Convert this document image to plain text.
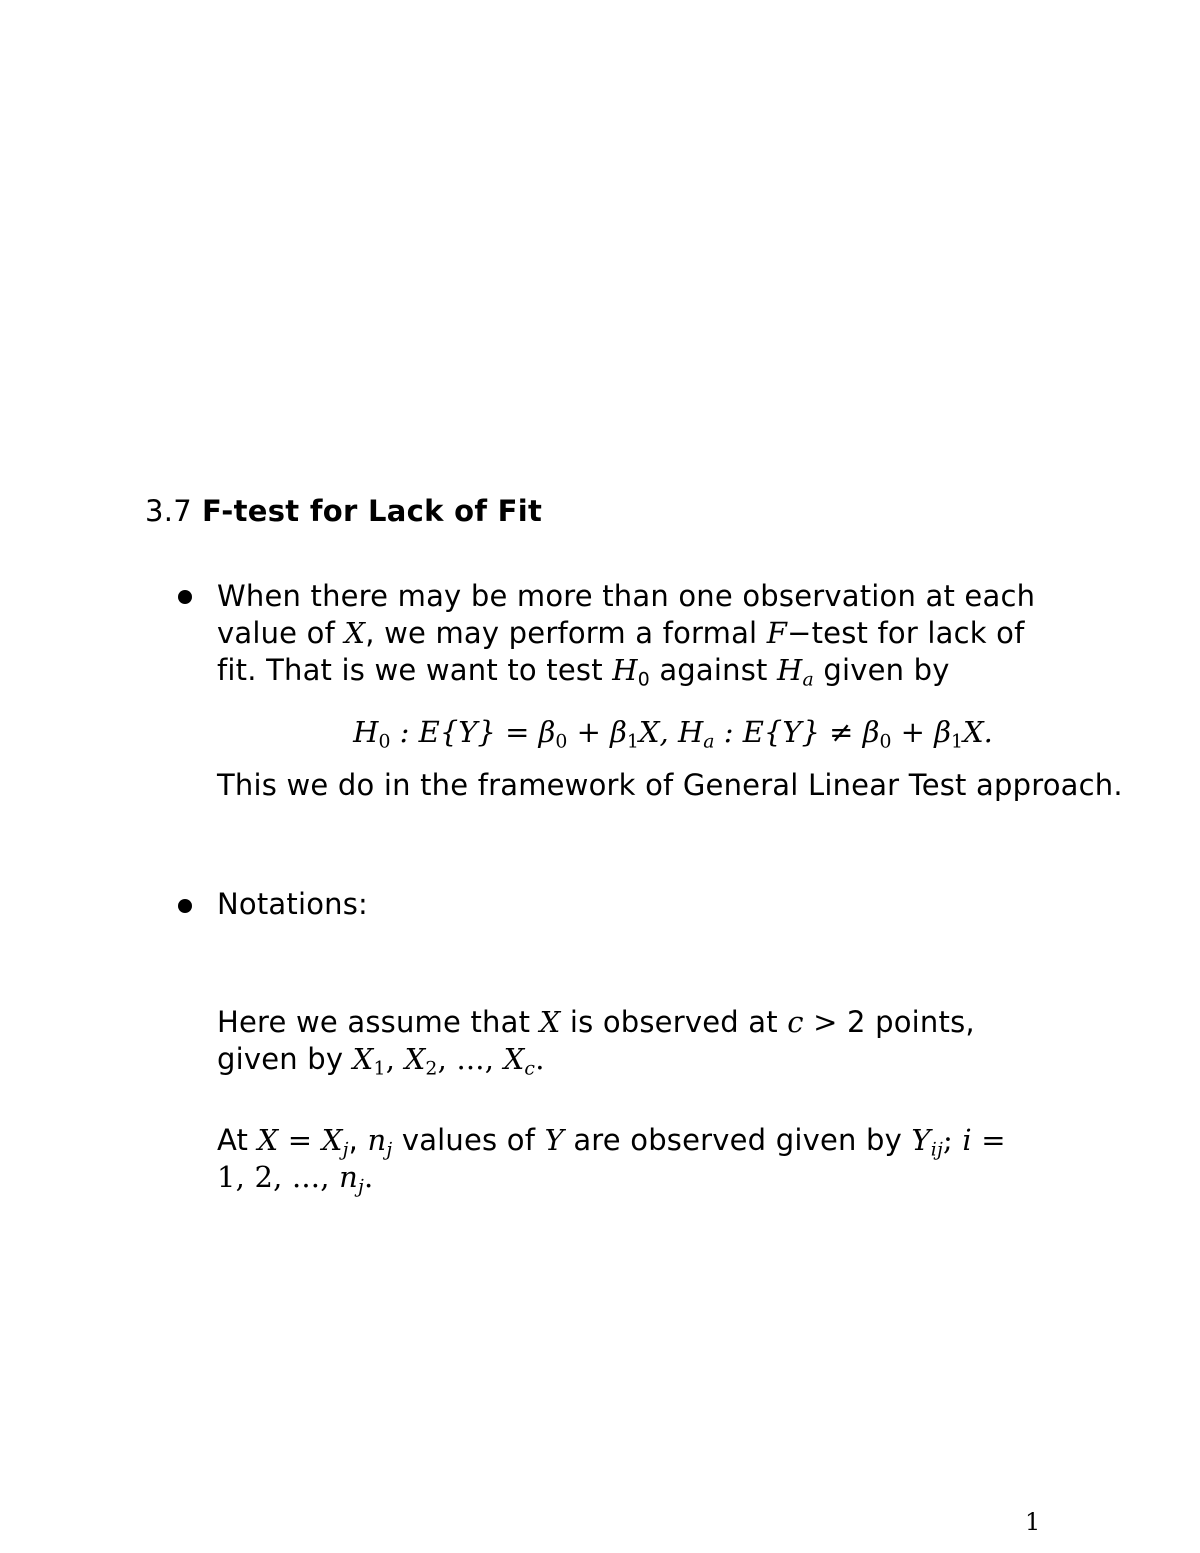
3.7 F-test for Lack of Fit
When there may be more than one observation at each
value of X, we may perform a formal F−test for lack of
fit. That is we want to test $H_0$ against $H_a$ given by
$H_0$ : $E\{Y\} = \beta_0 + \beta_1X$, $H_a$ : $E\{Y\} \ne \beta_0 + \beta_1X$.
This we do in the framework of General Linear Test approach.
Notations:
Here we assume that X is observed at c > 2 points,
given by $X_1$, $X_2$, ..., $X_c$.
At $X = X_j$, $n_j$ values of Y are observed given by $Y_{ij}$; i =
1, 2, ..., $n_j$.
1
